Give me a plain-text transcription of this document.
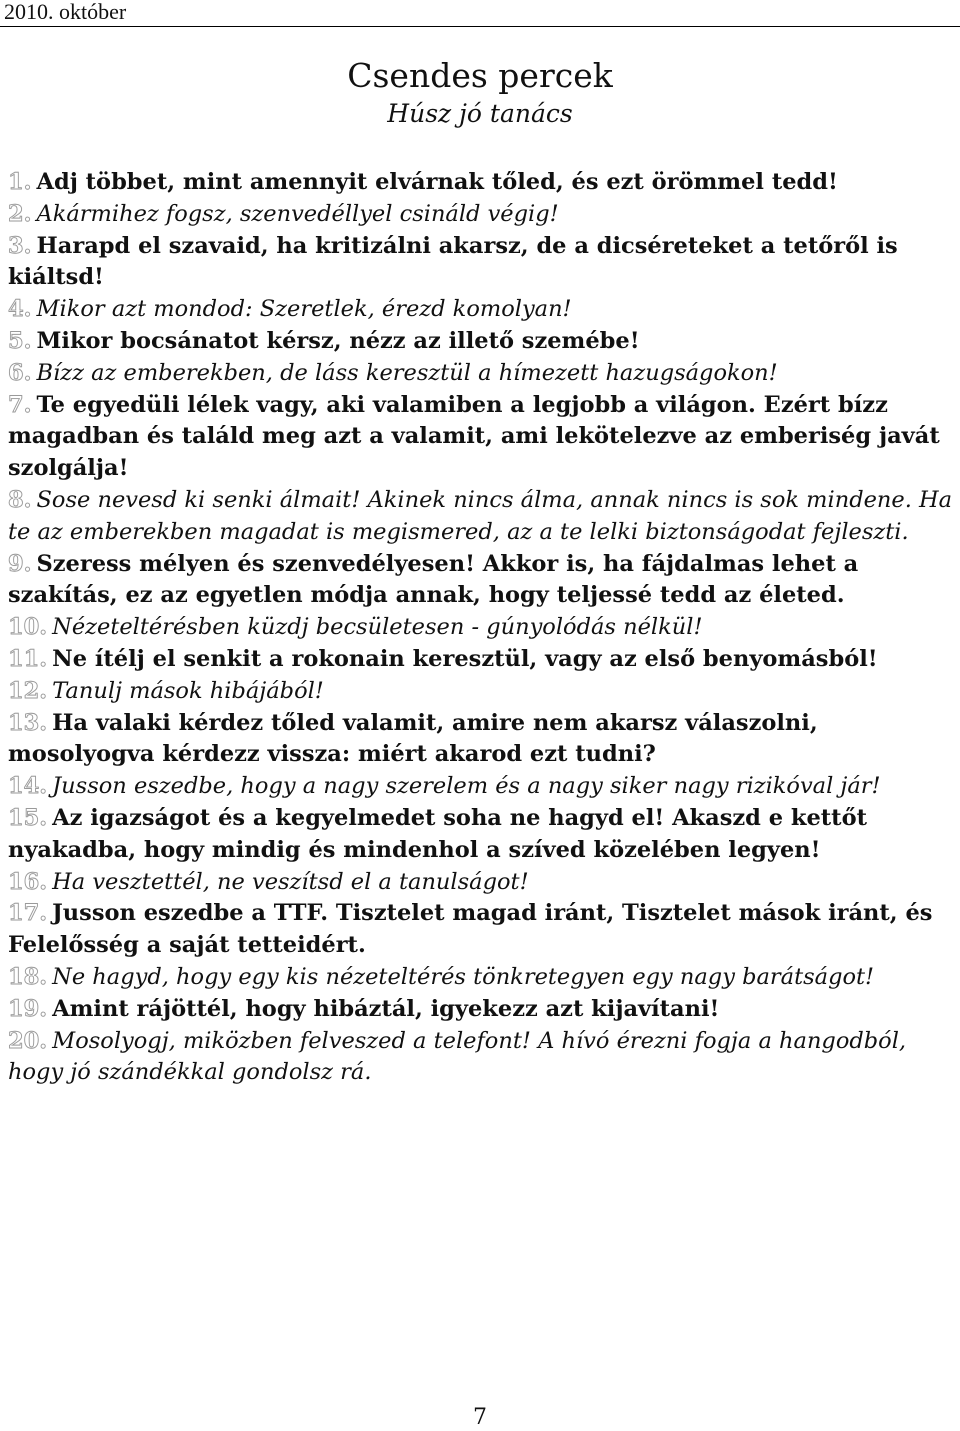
2010. október
Csendes percek
Húsz jó tanács

1. Adj többet, mint amennyit elvárnak tőled, és ezt örömmel tedd!

2. Akármihez fogsz, szenvedéllyel csináld végig!

3. Harapd el szavaid, ha kritizálni akarsz, de a dicséreteket a tetőről is kiáltsd!

4. Mikor azt mondod: Szeretlek, érezd komolyan!

5. Mikor bocsánatot kérsz, nézz az illető szemébe!

6. Bízz az emberekben, de láss keresztül a hímezett hazugságokon!

7. Te egyedüli lélek vagy, aki valamiben a legjobb a világon. Ezért bízz magadban és találd meg azt a valamit, ami lekötelezve az emberiség javát szolgálja!

8. Sose nevesd ki senki álmait! Akinek nincs álma, annak nincs is sok mindene. Ha te az emberekben magadat is megismered, az a te lelki biztonságodat fejleszti.

9. Szeress mélyen és szenvedélyesen! Akkor is, ha fájdalmas lehet a szakítás, ez az egyetlen módja annak, hogy teljessé tedd az életed.

10. Nézeteltérésben küzdj becsületesen - gúnyolódás nélkül!

11. Ne ítélj el senkit a rokonain keresztül, vagy az első benyomásból!

12. Tanulj mások hibájából!

13. Ha valaki kérdez tőled valamit, amire nem akarsz válaszolni, mosolyogva kérdezz vissza: miért akarod ezt tudni?

14. Jusson eszedbe, hogy a nagy szerelem és a nagy siker nagy rizikóval jár!

15. Az igazságot és a kegyelmedet soha ne hagyd el! Akaszd e kettőt nyakadba, hogy mindig és mindenhol a szíved közelében legyen!

16. Ha vesztettél, ne veszítsd el a tanulságot!

17. Jusson eszedbe a TTF. Tisztelet magad iránt, Tisztelet mások iránt, és Felelősség a saját tetteidért.

18. Ne hagyd, hogy egy kis nézeteltérés tönkretegyen egy nagy barátságot!

19. Amint rájöttél, hogy hibáztál, igyekezz azt kijavítani!

20. Mosolyogj, miközben felveszed a telefont! A hívó érezni fogja a hangodból, hogy jó szándékkal gondolsz rá.

7
